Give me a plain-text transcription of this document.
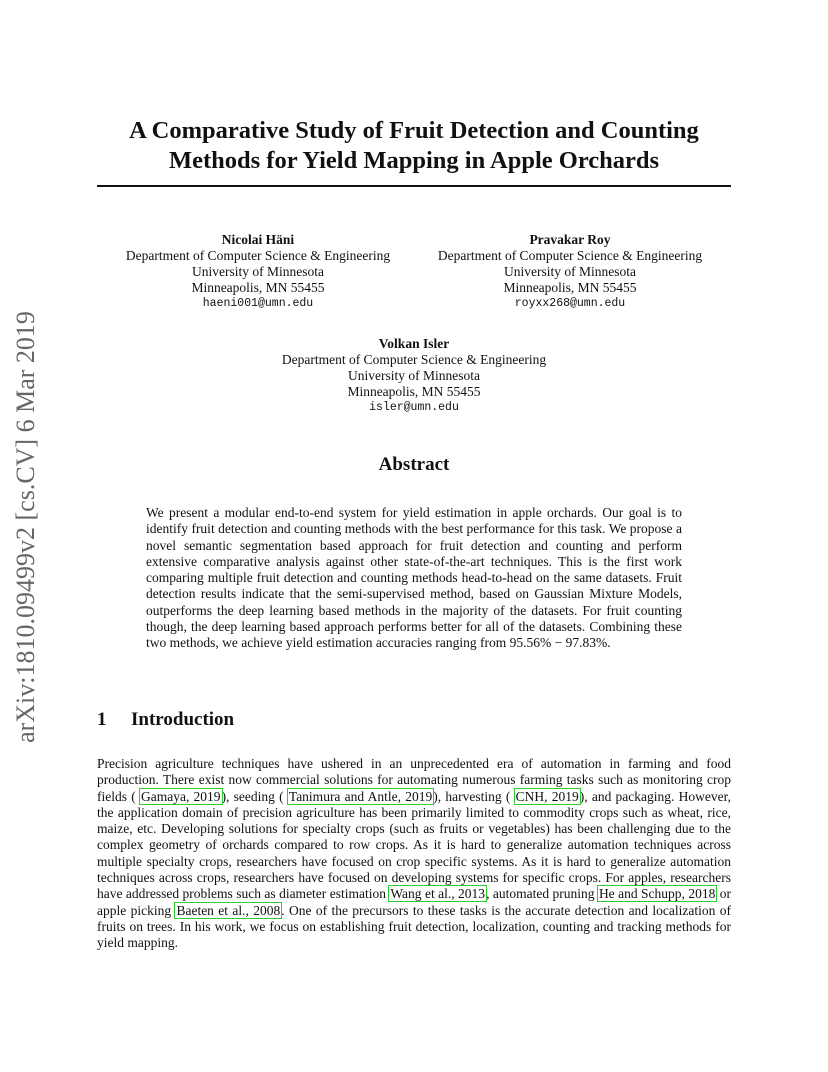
arXiv:1810.09499v2 [cs.CV] 6 Mar 2019
A Comparative Study of Fruit Detection and Counting
Methods for Yield Mapping in Apple Orchards
Nicolai Häni
Department of Computer Science & Engineering
University of Minnesota
Minneapolis, MN 55455
haeni001@umn.edu
Pravakar Roy
Department of Computer Science & Engineering
University of Minnesota
Minneapolis, MN 55455
royxx268@umn.edu
Volkan Isler
Department of Computer Science & Engineering
University of Minnesota
Minneapolis, MN 55455
isler@umn.edu
Abstract
We present a modular end-to-end system for yield estimation in apple orchards. Our goal is to identify fruit detection and counting methods with the best performance for this task. We propose a novel semantic segmentation based approach for fruit detection and counting and perform extensive comparative analysis against other state-of-the-art techniques. This is the first work comparing multiple fruit detection and counting methods head-to-head on the same datasets. Fruit detection results indicate that the semi-supervised method, based on Gaussian Mixture Models, outperforms the deep learning based methods in the majority of the datasets. For fruit counting though, the deep learning based approach performs better for all of the datasets. Combining these two methods, we achieve yield estimation accuracies ranging from 95.56% − 97.83%.
1 Introduction
Precision agriculture techniques have ushered in an unprecedented era of automation in farming and food production. There exist now commercial solutions for automating numerous farming tasks such as monitoring crop fields ( Gamaya, 2019), seeding ( Tanimura and Antle, 2019), harvesting ( CNH, 2019), and packaging. However, the application domain of precision agriculture has been primarily limited to commodity crops such as wheat, rice, maize, etc. Developing solutions for specialty crops (such as fruits or vegetables) has been challenging due to the complex geometry of orchards compared to row crops. As it is hard to generalize automation techniques across multiple specialty crops, researchers have focused on crop specific systems. As it is hard to generalize automation techniques across crops, researchers have focused on developing systems for specific crops. For apples, researchers have addressed problems such as diameter estimation Wang et al., 2013, automated pruning He and Schupp, 2018 or apple picking Baeten et al., 2008. One of the precursors to these tasks is the accurate detection and localization of fruits on trees. In his work, we focus on establishing fruit detection, localization, counting and tracking methods for yield mapping.
